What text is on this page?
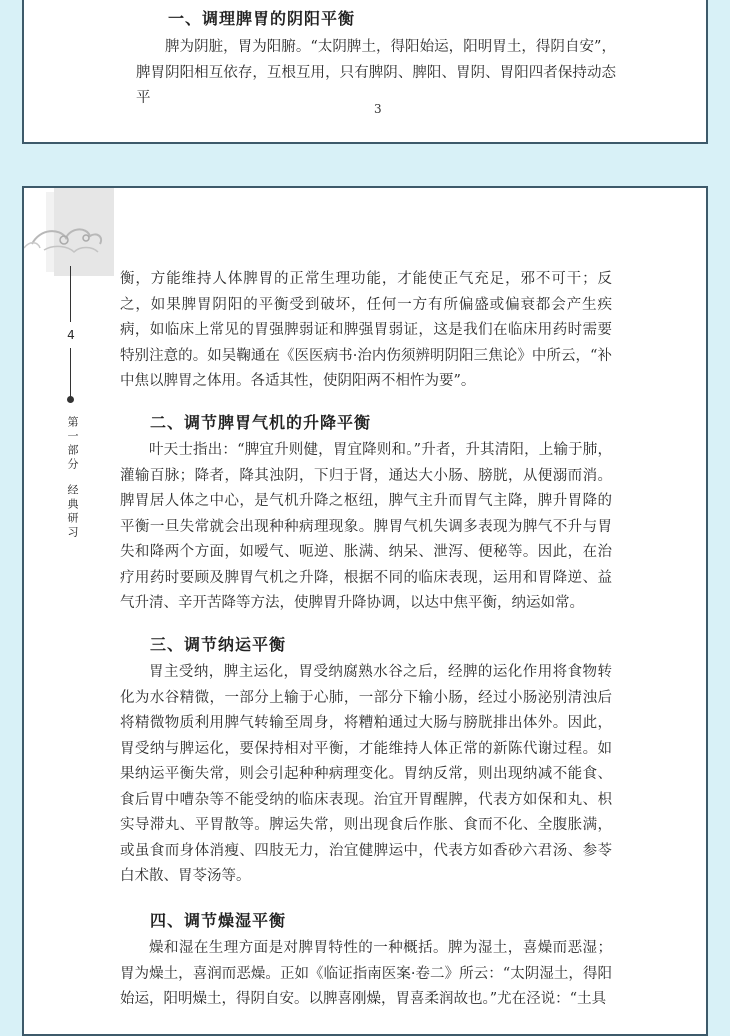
一、调理脾胃的阴阳平衡

脾为阴脏，胃为阳腑。“太阴脾土，得阳始运，阳明胃土，得阴自安”，脾胃阴阳相互依存，互根互用，只有脾阴、脾阳、胃阴、胃阳四者保持动态平

3

衡，方能维持人体脾胃的正常生理功能，才能使正气充足，邪不可干；反之，如果脾胃阴阳的平衡受到破坏，任何一方有所偏盛或偏衰都会产生疾病，如临床上常见的胃强脾弱证和脾强胃弱证，这是我们在临床用药时需要特别注意的。如吴鞠通在《医医病书·治内伤须辨明阴阳三焦论》中所云，“补中焦以脾胃之体用。各适其性，使阴阳两不相忤为要”。

二、调节脾胃气机的升降平衡

叶天士指出：“脾宜升则健，胃宜降则和。”升者，升其清阳，上输于肺，灌输百脉；降者，降其浊阴，下归于肾，通达大小肠、膀胱，从便溺而消。脾胃居人体之中心，是气机升降之枢纽，脾气主升而胃气主降，脾升胃降的平衡一旦失常就会出现种种病理现象。脾胃气机失调多表现为脾气不升与胃失和降两个方面，如嗳气、呃逆、胀满、纳呆、泄泻、便秘等。因此，在治疗用药时要顾及脾胃气机之升降，根据不同的临床表现，运用和胃降逆、益气升清、辛开苦降等方法，使脾胃升降协调，以达中焦平衡，纳运如常。

三、调节纳运平衡

胃主受纳，脾主运化，胃受纳腐熟水谷之后，经脾的运化作用将食物转化为水谷精微，一部分上输于心肺，一部分下输小肠，经过小肠泌别清浊后将精微物质利用脾气转输至周身，将糟粕通过大肠与膀胱排出体外。因此，胃受纳与脾运化，要保持相对平衡，才能维持人体正常的新陈代谢过程。如果纳运平衡失常，则会引起种种病理变化。胃纳反常，则出现纳减不能食、食后胃中嘈杂等不能受纳的临床表现。治宜开胃醒脾，代表方如保和丸、枳实导滞丸、平胃散等。脾运失常，则出现食后作胀、食而不化、全腹胀满，或虽食而身体消瘦、四肢无力，治宜健脾运中，代表方如香砂六君汤、参苓白术散、胃苓汤等。

四、调节燥湿平衡

燥和湿在生理方面是对脾胃特性的一种概括。脾为湿土，喜燥而恶湿；胃为燥土，喜润而恶燥。正如《临证指南医案·卷二》所云：“太阴湿土，得阳始运，阳明燥土，得阴自安。以脾喜刚燥，胃喜柔润故也。”尤在泾说：“土具

4
第一部分
经典研习
